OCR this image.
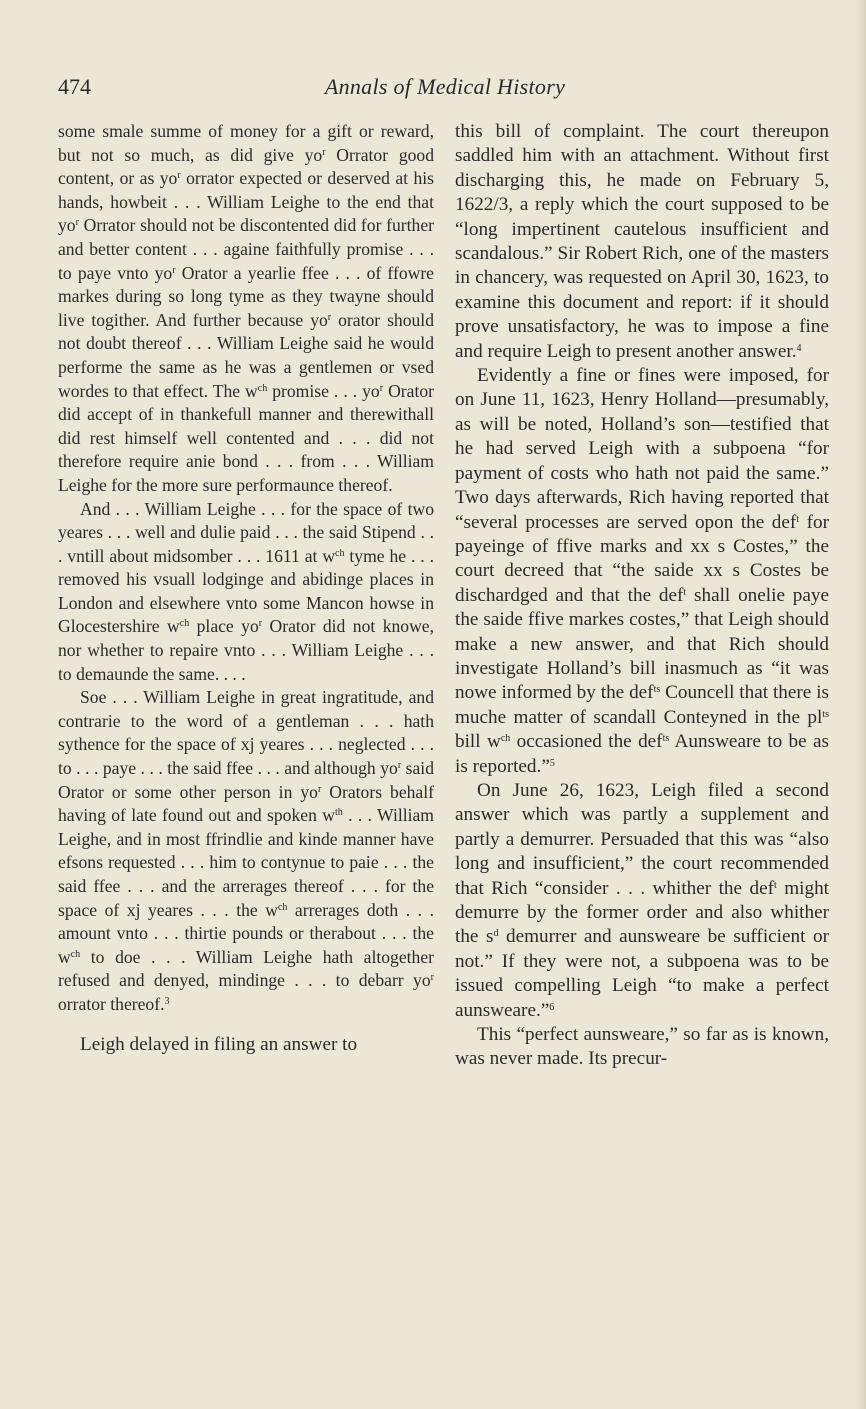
474	Annals of Medical History

some smale summe of money for a gift or reward, but not so much, as did give $yo^r$ Orrator good content, or as $yo^r$ orrator expected or deserved at his hands, howbeit . . . William Leighe to the end that $yo^r$ Orrator should not be discontented did for further and better content . . . againe faithfully promise . . . to paye vnto $yo^r$ Orator a yearlie ffee . . . of ffowre markes during so long tyme as they twayne should live togither. And further because $yo^r$ orator should not doubt thereof . . . William Leighe said he would performe the same as he was a gentlemen or vsed wordes to that effect. The $w^{ch}$ promise . . . $yo^r$ Orator did accept of in thankefull manner and therewithall did rest himself well contented and . . . did not therefore require anie bond . . . from . . . William Leighe for the more sure performaunce thereof.

And . . . William Leighe . . . for the space of two yeares . . . well and dulie paid . . . the said Stipend . . . vntill about midsomber . . . 1611 at $w^{ch}$ tyme he . . . removed his vsuall lodginge and abidinge places in London and elsewhere vnto some Mancon howse in Glocestershire $w^{ch}$ place $yo^r$ Orator did not knowe, nor whether to repaire vnto . . . William Leighe . . . to demaunde the same. . . .

Soe . . . William Leighe in great ingratitude, and contrarie to the word of a gentleman . . . hath sythence for the space of xj yeares . . . neglected . . . to . . . paye . . . the said ffee . . . and although $yo^r$ said Orator or some other person in $yo^r$ Orators behalf having of late found out and spoken $w^{th}$ . . . William Leighe, and in most ffrindlie and kinde manner have efsons requested . . . him to contynue to paie . . . the said ffee . . . and the arrerages thereof . . . for the space of xj yeares . . . the $w^{ch}$ arrerages doth . . . amount vnto . . . thirtie pounds or therabout . . . the $w^{ch}$ to doe . . . William Leighe hath altogether refused and denyed, mindinge . . . to debarr $yo^r$ orrator thereof.$^3$

Leigh delayed in filing an answer to

this bill of complaint. The court thereupon saddled him with an attachment. Without first discharging this, he made on February 5, 1622/3, a reply which the court supposed to be “long impertinent cautelous insufficient and scandalous.” Sir Robert Rich, one of the masters in chancery, was requested on April 30, 1623, to examine this document and report: if it should prove unsatisfactory, he was to impose a fine and require Leigh to present another answer.$^4$

Evidently a fine or fines were imposed, for on June 11, 1623, Henry Holland—presumably, as will be noted, Holland’s son—testified that he had served Leigh with a subpoena “for payment of costs who hath not paid the same.” Two days afterwards, Rich having reported that “several processes are served opon the def$^t$ for payeinge of ffive marks and xx s Costes,” the court decreed that “the saide xx s Costes be dischardged and that the def$^t$ shall onelie paye the saide ffive markes costes,” that Leigh should make a new answer, and that Rich should investigate Holland’s bill inasmuch as “it was nowe informed by the def$^{ts}$ Councell that there is muche matter of scandall Conteyned in the $pl^{ts}$ bill $w^{ch}$ occasioned the def$^{ts}$ Aunsweare to be as is reported.”$^5$

On June 26, 1623, Leigh filed a second answer which was partly a supplement and partly a demurrer. Persuaded that this was “also long and insufficient,” the court recommended that Rich “consider . . . whither the def$^t$ might demurre by the former order and also whither the $s^d$ demurrer and aunsweare be sufficient or not.” If they were not, a subpoena was to be issued compelling Leigh “to make a perfect aunsweare.”$^6$

This “perfect aunsweare,” so far as is known, was never made. Its precur-
